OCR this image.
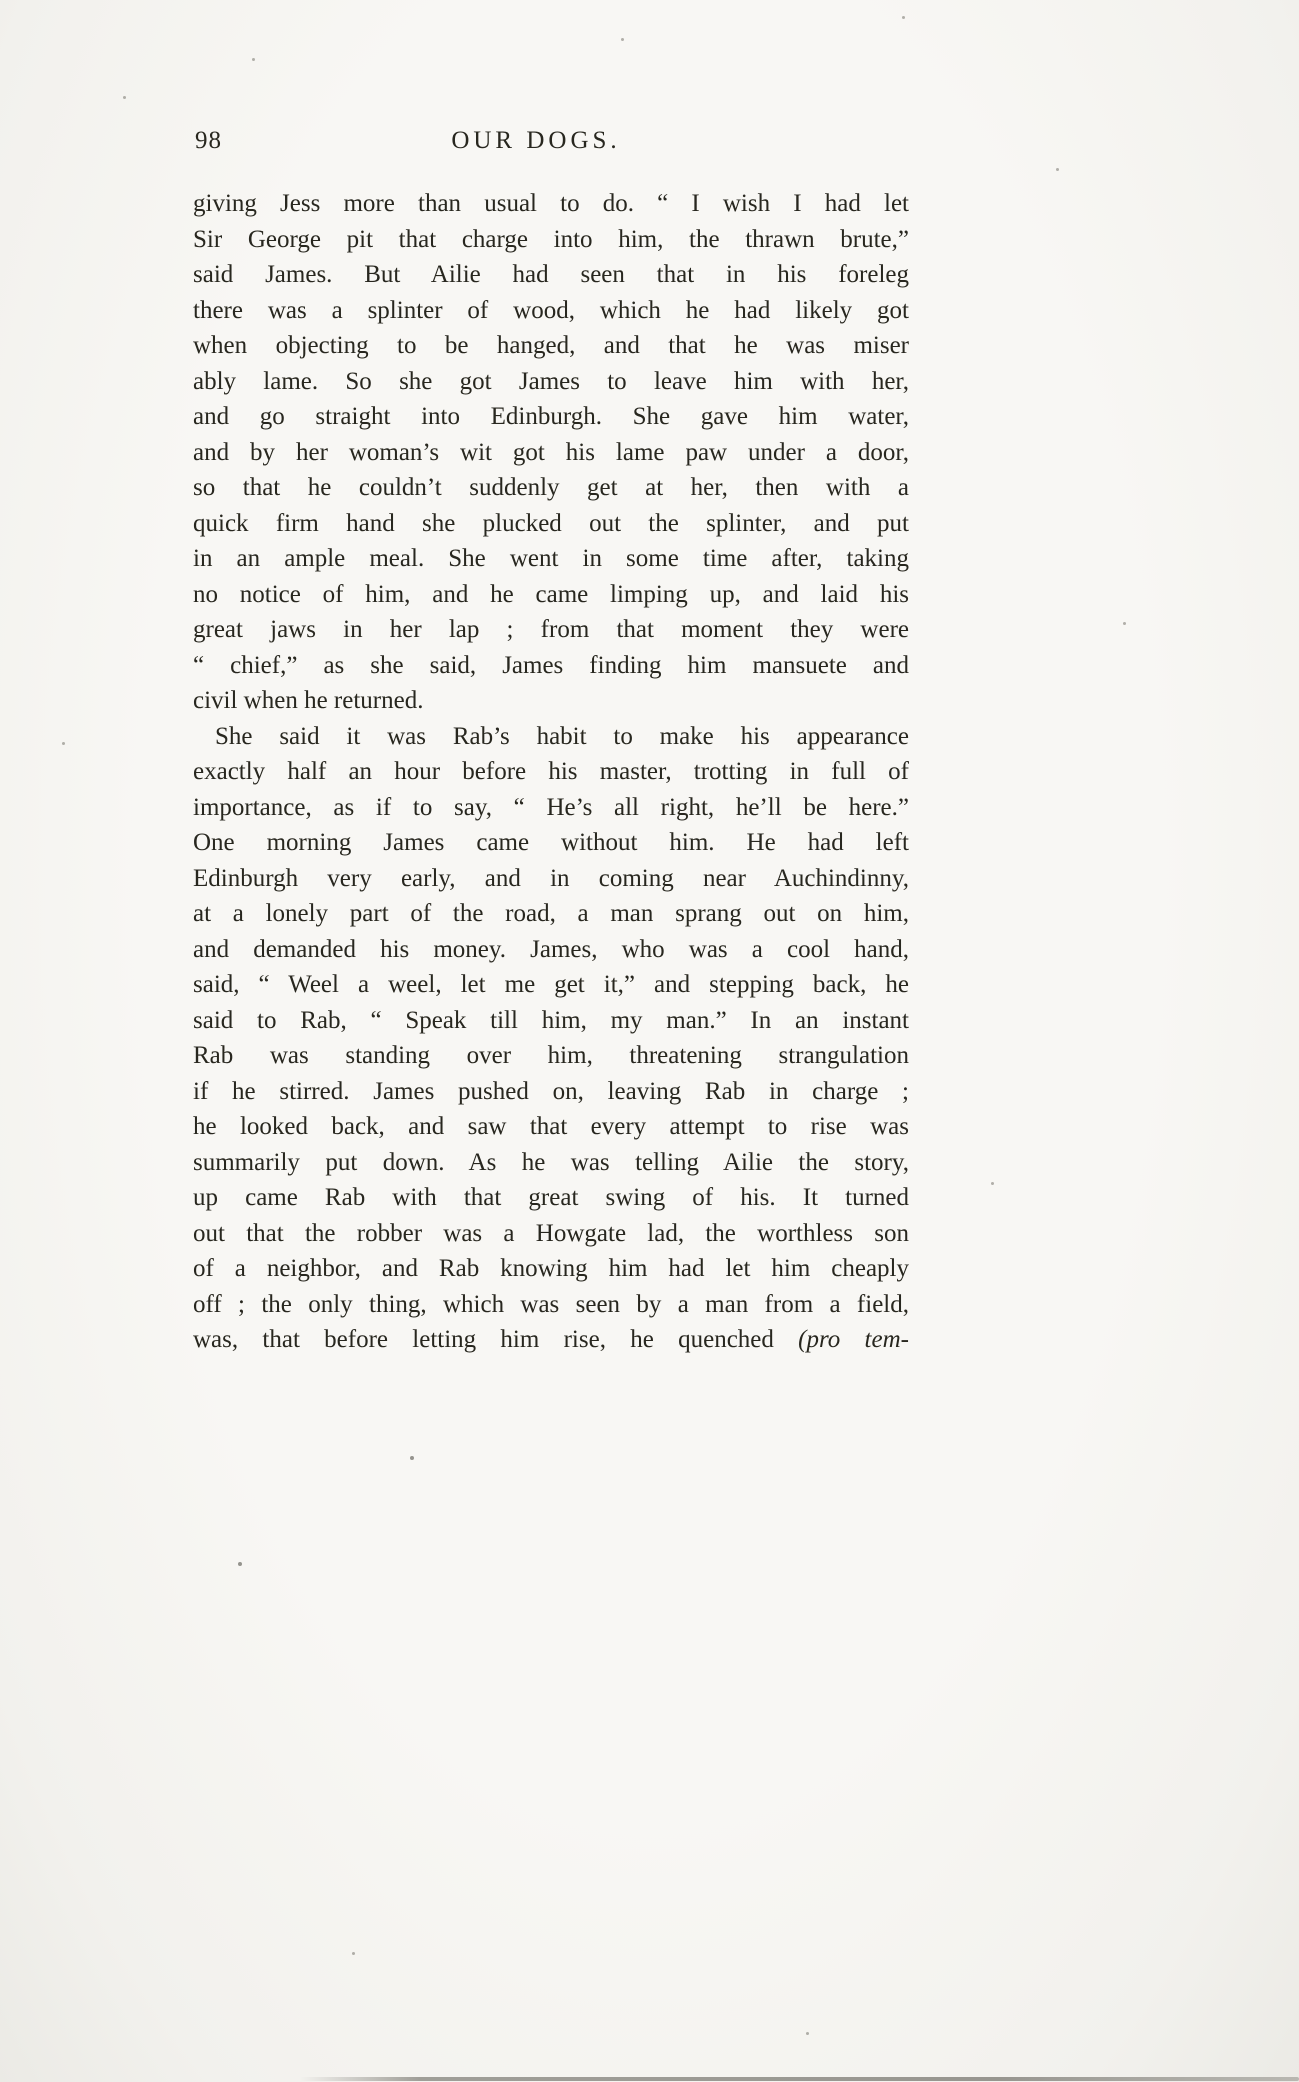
98	OUR DOGS.
giving Jess more than usual to do. “ I wish I had let
Sir George pit that charge into him, the thrawn brute,”
said James. But Ailie had seen that in his foreleg
there was a splinter of wood, which he had likely got
when objecting to be hanged, and that he was miser
ably lame. So she got James to leave him with her,
and go straight into Edinburgh. She gave him water,
and by her woman’s wit got his lame paw under a door,
so that he couldn’t suddenly get at her, then with a
quick firm hand she plucked out the splinter, and put
in an ample meal. She went in some time after, taking
no notice of him, and he came limping up, and laid his
great jaws in her lap ; from that moment they were
“ chief,” as she said, James finding him mansuete and
civil when he returned.
She said it was Rab’s habit to make his appearance
exactly half an hour before his master, trotting in full of
importance, as if to say, “ He’s all right, he’ll be here.”
One morning James came without him. He had left
Edinburgh very early, and in coming near Auchindinny,
at a lonely part of the road, a man sprang out on him,
and demanded his money. James, who was a cool hand,
said, “ Weel a weel, let me get it,” and stepping back, he
said to Rab, “ Speak till him, my man.” In an instant
Rab was standing over him, threatening strangulation
if he stirred. James pushed on, leaving Rab in charge ;
he looked back, and saw that every attempt to rise was
summarily put down. As he was telling Ailie the story,
up came Rab with that great swing of his. It turned
out that the robber was a Howgate lad, the worthless son
of a neighbor, and Rab knowing him had let him cheaply
off ; the only thing, which was seen by a man from a field,
was, that before letting him rise, he quenched (pro tem-
